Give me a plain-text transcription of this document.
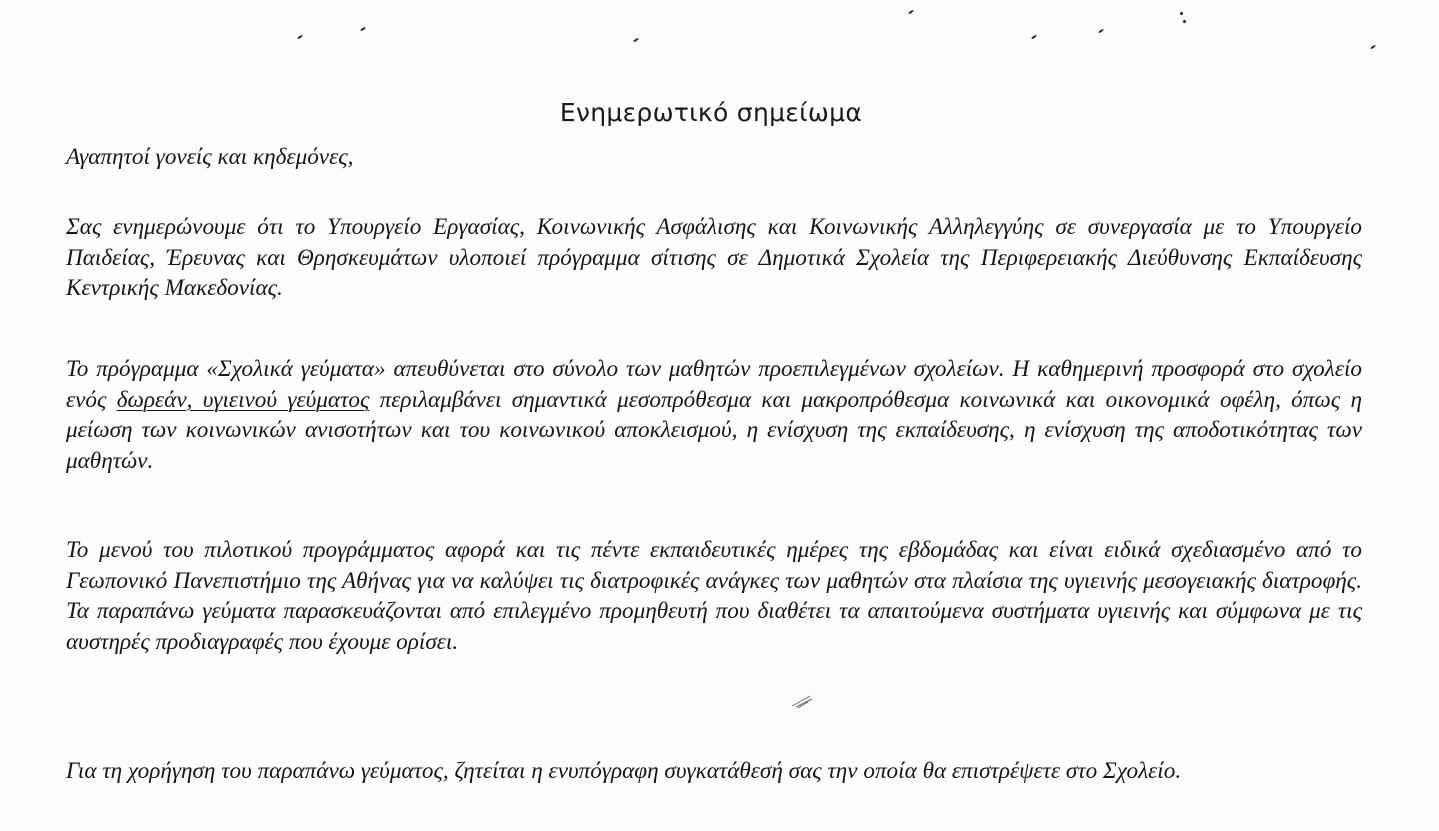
Ενημερωτικό σημείωμα

Αγαπητοί γονείς και κηδεμόνες,

Σας ενημερώνουμε ότι το Υπουργείο Εργασίας, Κοινωνικής Ασφάλισης και Κοινωνικής Αλληλεγγύης σε συνεργασία με το Υπουργείο Παιδείας, Έρευνας και Θρησκευμάτων υλοποιεί πρόγραμμα σίτισης σε Δημοτικά Σχολεία της Περιφερειακής Διεύθυνσης Εκπαίδευσης Κεντρικής Μακεδονίας.

Το πρόγραμμα «Σχολικά γεύματα» απευθύνεται στο σύνολο των μαθητών προεπιλεγμένων σχολείων. Η καθημερινή προσφορά στο σχολείο ενός δωρεάν, υγιεινού γεύματος περιλαμβάνει σημαντικά μεσοπρόθεσμα και μακροπρόθεσμα κοινωνικά και οικονομικά οφέλη, όπως η μείωση των κοινωνικών ανισοτήτων και του κοινωνικού αποκλεισμού, η ενίσχυση της εκπαίδευσης, η ενίσχυση της αποδοτικότητας των μαθητών.

Το μενού του πιλοτικού προγράμματος αφορά και τις πέντε εκπαιδευτικές ημέρες της εβδομάδας και είναι ειδικά σχεδιασμένο από το Γεωπονικό Πανεπιστήμιο της Αθήνας για να καλύψει τις διατροφικές ανάγκες των μαθητών στα πλαίσια της υγιεινής μεσογειακής διατροφής. Τα παραπάνω γεύματα παρασκευάζονται από επιλεγμένο προμηθευτή που διαθέτει τα απαιτούμενα συστήματα υγιεινής και σύμφωνα με τις αυστηρές προδιαγραφές που έχουμε ορίσει.

Για τη χορήγηση του παραπάνω γεύματος, ζητείται η ενυπόγραφη συγκατάθεσή σας την οποία θα επιστρέψετε στο Σχολείο.
